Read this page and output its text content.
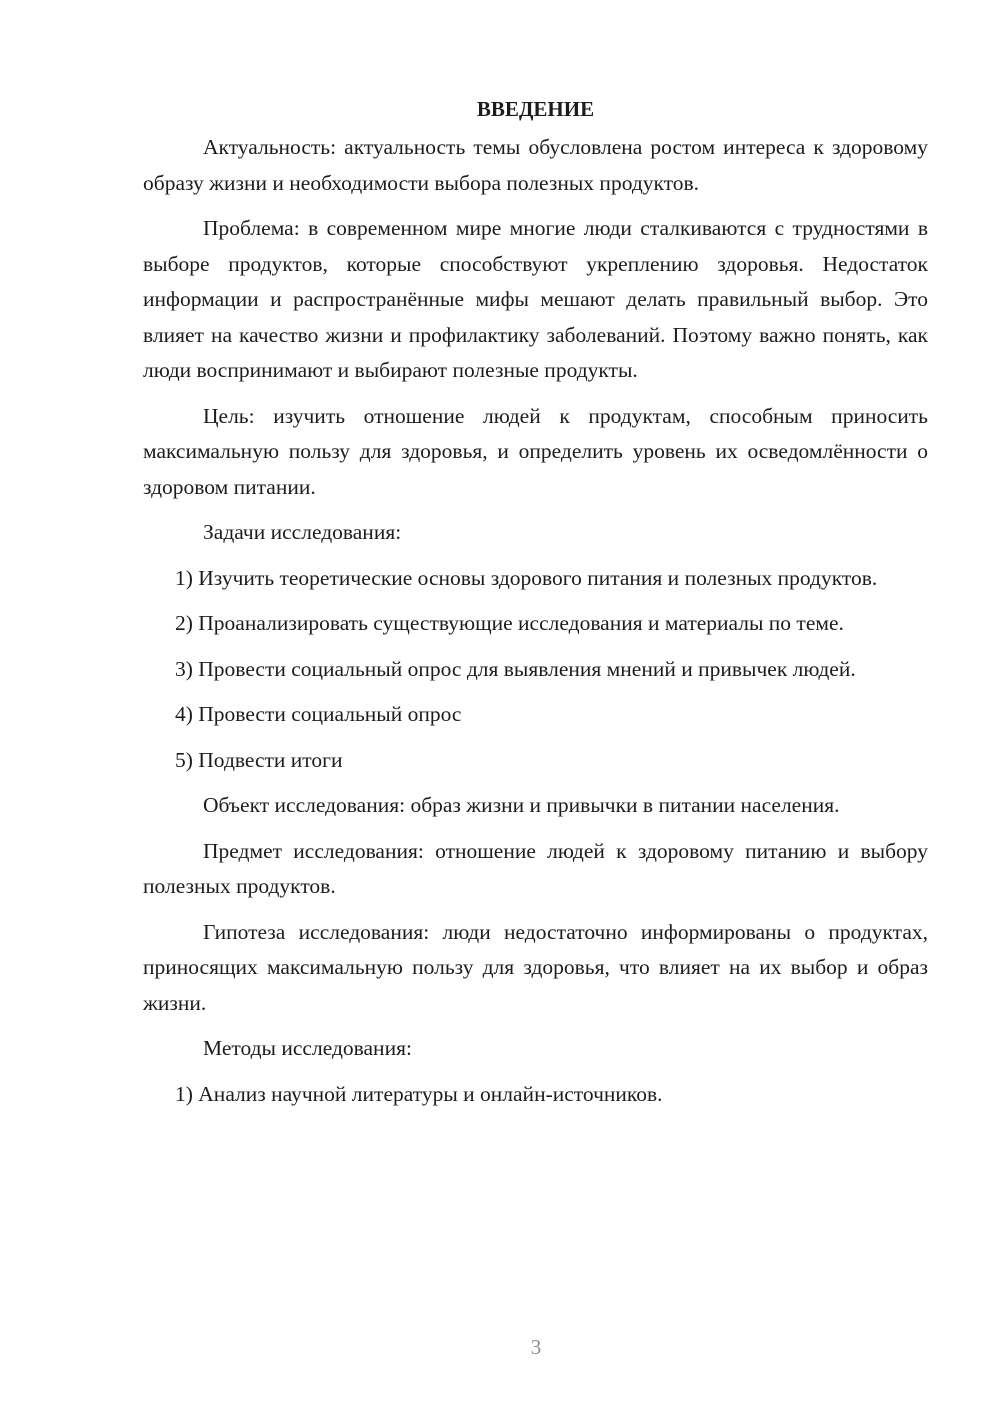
ВВЕДЕНИЕ

Актуальность: актуальность темы обусловлена ростом интереса к здоровому образу жизни и необходимости выбора полезных продуктов.

Проблема: в современном мире многие люди сталкиваются с трудностями в выборе продуктов, которые способствуют укреплению здоровья. Недостаток информации и распространённые мифы мешают делать правильный выбор. Это влияет на качество жизни и профилактику заболеваний. Поэтому важно понять, как люди воспринимают и выбирают полезные продукты.

Цель: изучить отношение людей к продуктам, способным приносить максимальную пользу для здоровья, и определить уровень их осведомлённости о здоровом питании.

Задачи исследования:

1) Изучить теоретические основы здорового питания и полезных продуктов.

2) Проанализировать существующие исследования и материалы по теме.

3) Провести социальный опрос для выявления мнений и привычек людей.

4) Провести социальный опрос

5) Подвести итоги

Объект исследования: образ жизни и привычки в питании населения.

Предмет исследования: отношение людей к здоровому питанию и выбору полезных продуктов.

Гипотеза исследования: люди недостаточно информированы о продуктах, приносящих максимальную пользу для здоровья, что влияет на их выбор и образ жизни.

Методы исследования:

1) Анализ научной литературы и онлайн-источников.

3
